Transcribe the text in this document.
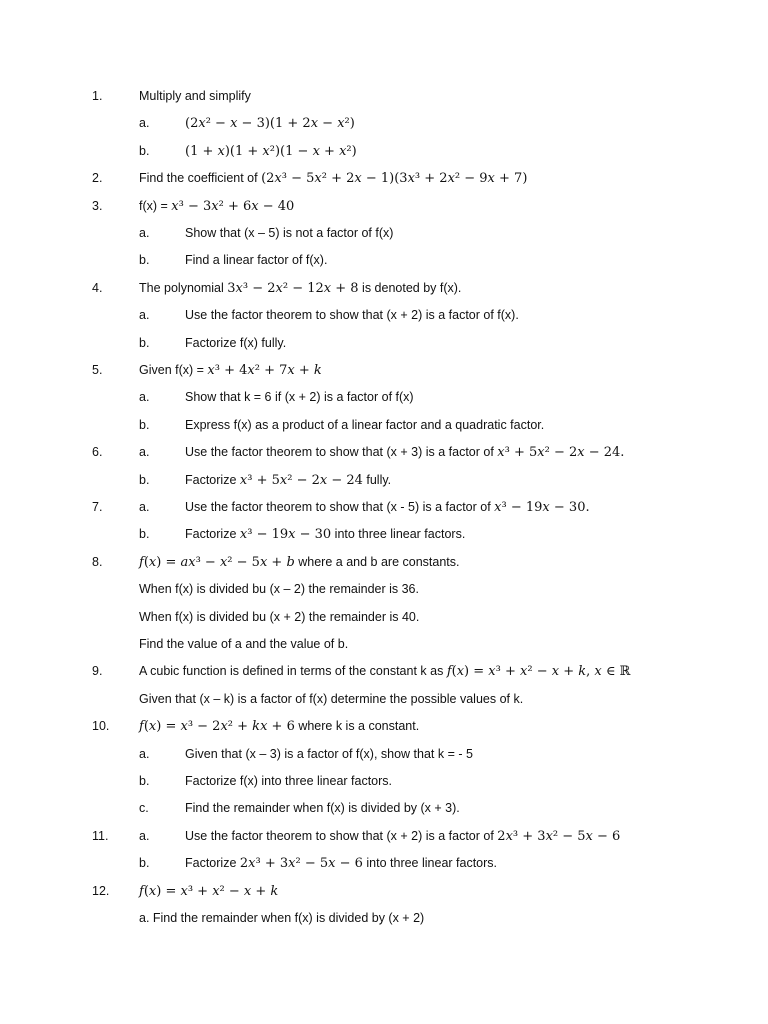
1.	Multiply and simplify
a.	(2x² − x − 3)(1 + 2x − x²)
b.	(1 + x)(1 + x²)(1 − x + x²)
2.	Find the coefficient of (2x³ − 5x² + 2x − 1)(3x³ + 2x² − 9x + 7)
3.	f(x) = x³ − 3x² + 6x − 40
a.	Show that (x – 5) is not a factor of f(x)
b.	Find a linear factor of f(x).
4.	The polynomial 3x³ − 2x² − 12x + 8 is denoted by f(x).
a.	Use the factor theorem to show that (x + 2) is a factor of f(x).
b.	Factorize f(x) fully.
5.	Given f(x) = x³ + 4x² + 7x + k
a.	Show that k = 6 if (x + 2) is a factor of f(x)
b.	Express f(x) as a product of a linear factor and a quadratic factor.
6.	a.	Use the factor theorem to show that (x + 3) is a factor of x³ + 5x² − 2x − 24.
b.	Factorize x³ + 5x² − 2x − 24 fully.
7.	a.	Use the factor theorem to show that (x - 5) is a factor of x³ − 19x − 30.
b.	Factorize x³ − 19x − 30 into three linear factors.
8.	f(x) = ax³ − x² − 5x + b where a and b are constants.
When f(x) is divided bu (x – 2) the remainder is 36.
When f(x) is divided bu (x + 2) the remainder is 40.
Find the value of a and the value of b.
9.	A cubic function is defined in terms of the constant k as f(x) = x³ + x² − x + k, x ∈ ℝ
Given that (x – k) is a factor of f(x) determine the possible values of k.
10. f(x) = x³ − 2x² + kx + 6 where k is a constant.
a.	Given that (x – 3) is a factor of f(x), show that k = - 5
b.	Factorize f(x) into three linear factors.
c.	Find the remainder when f(x) is divided by (x + 3).
11. a.	Use the factor theorem to show that (x + 2) is a factor of 2x³ + 3x² − 5x − 6
b.	Factorize 2x³ + 3x² − 5x − 6 into three linear factors.
12. f(x) = x³ + x² − x + k
a. Find the remainder when f(x) is divided by (x + 2)
